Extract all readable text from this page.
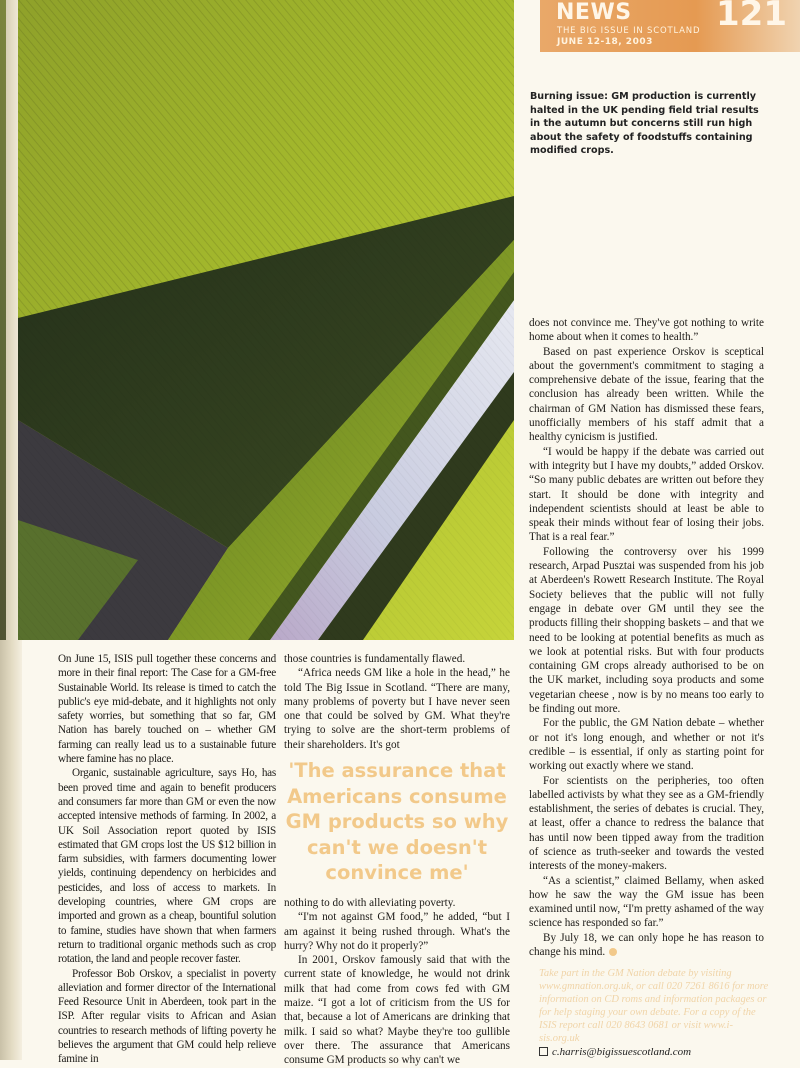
NEWS
THE BIG ISSUE IN SCOTLAND
JUNE 12-18, 2003
121
Burning issue: GM production is currently halted in the UK pending field trial results in the autumn but concerns still run high about the safety of foodstuffs containing modified crops.

On June 15, ISIS pull together these concerns and more in their final report: The Case for a GM-free Sustainable World. Its release is timed to catch the public's eye mid-debate, and it highlights not only safety worries, but something that so far, GM Nation has barely touched on – whether GM farming can really lead us to a sustainable future where famine has no place.

Organic, sustainable agriculture, says Ho, has been proved time and again to benefit producers and consumers far more than GM or even the now accepted intensive methods of farming. In 2002, a UK Soil Association report quoted by ISIS estimated that GM crops lost the US $12 billion in farm subsidies, with farmers documenting lower yields, continuing dependency on herbicides and pesticides, and loss of access to markets. In developing countries, where GM crops are imported and grown as a cheap, bountiful solution to famine, studies have shown that when farmers return to traditional organic methods such as crop rotation, the land and people recover faster.

Professor Bob Orskov, a specialist in poverty alleviation and former director of the International Feed Resource Unit in Aberdeen, took part in the ISP. After regular visits to African and Asian countries to research methods of lifting poverty he believes the argument that GM could help relieve famine in

those countries is fundamentally flawed.

“Africa needs GM like a hole in the head,” he told The Big Issue in Scotland. “There are many, many problems of poverty but I have never seen one that could be solved by GM. What they're trying to solve are the short-term problems of their shareholders. It's got

'The assurance that Americans consume GM products so why can't we doesn't convince me'

nothing to do with alleviating poverty.

“I'm not against GM food,” he added, “but I am against it being rushed through. What's the hurry? Why not do it properly?”

In 2001, Orskov famously said that with the current state of knowledge, he would not drink milk that had come from cows fed with GM maize. “I got a lot of criticism from the US for that, because a lot of Americans are drinking that milk. I said so what? Maybe they're too gullible over there. The assurance that Americans consume GM products so why can't we

does not convince me. They've got nothing to write home about when it comes to health.”

Based on past experience Orskov is sceptical about the government's commitment to staging a comprehensive debate of the issue, fearing that the conclusion has already been written. While the chairman of GM Nation has dismissed these fears, unofficially members of his staff admit that a healthy cynicism is justified.

“I would be happy if the debate was carried out with integrity but I have my doubts,” added Orskov. “So many public debates are written out before they start. It should be done with integrity and independent scientists should at least be able to speak their minds without fear of losing their jobs. That is a real fear.”

Following the controversy over his 1999 research, Arpad Pusztai was suspended from his job at Aberdeen's Rowett Research Institute. The Royal Society believes that the public will not fully engage in debate over GM until they see the products filling their shopping baskets – and that we need to be looking at potential benefits as much as we look at potential risks. But with four products containing GM crops already authorised to be on the UK market, including soya products and some vegetarian cheese , now is by no means too early to be finding out more.

For the public, the GM Nation debate – whether or not it's long enough, and whether or not it's credible – is essential, if only as starting point for working out exactly where we stand.

For scientists on the peripheries, too often labelled activists by what they see as a GM-friendly establishment, the series of debates is crucial. They, at least, offer a chance to redress the balance that has until now been tipped away from the tradition of science as truth-seeker and towards the vested interests of the money-makers.

“As a scientist,” claimed Bellamy, when asked how he saw the way the GM issue has been examined until now, “I'm pretty ashamed of the way science has responded so far.”

By July 18, we can only hope he has reason to change his mind.

Take part in the GM Nation debate by visiting www.gmnation.org.uk, or call 020 7261 8616 for more information on CD roms and information packages or for help staging your own debate. For a copy of the ISIS report call 020 8643 0681 or visit www.i-sis.org.uk
c.harris@bigissuescotland.com
